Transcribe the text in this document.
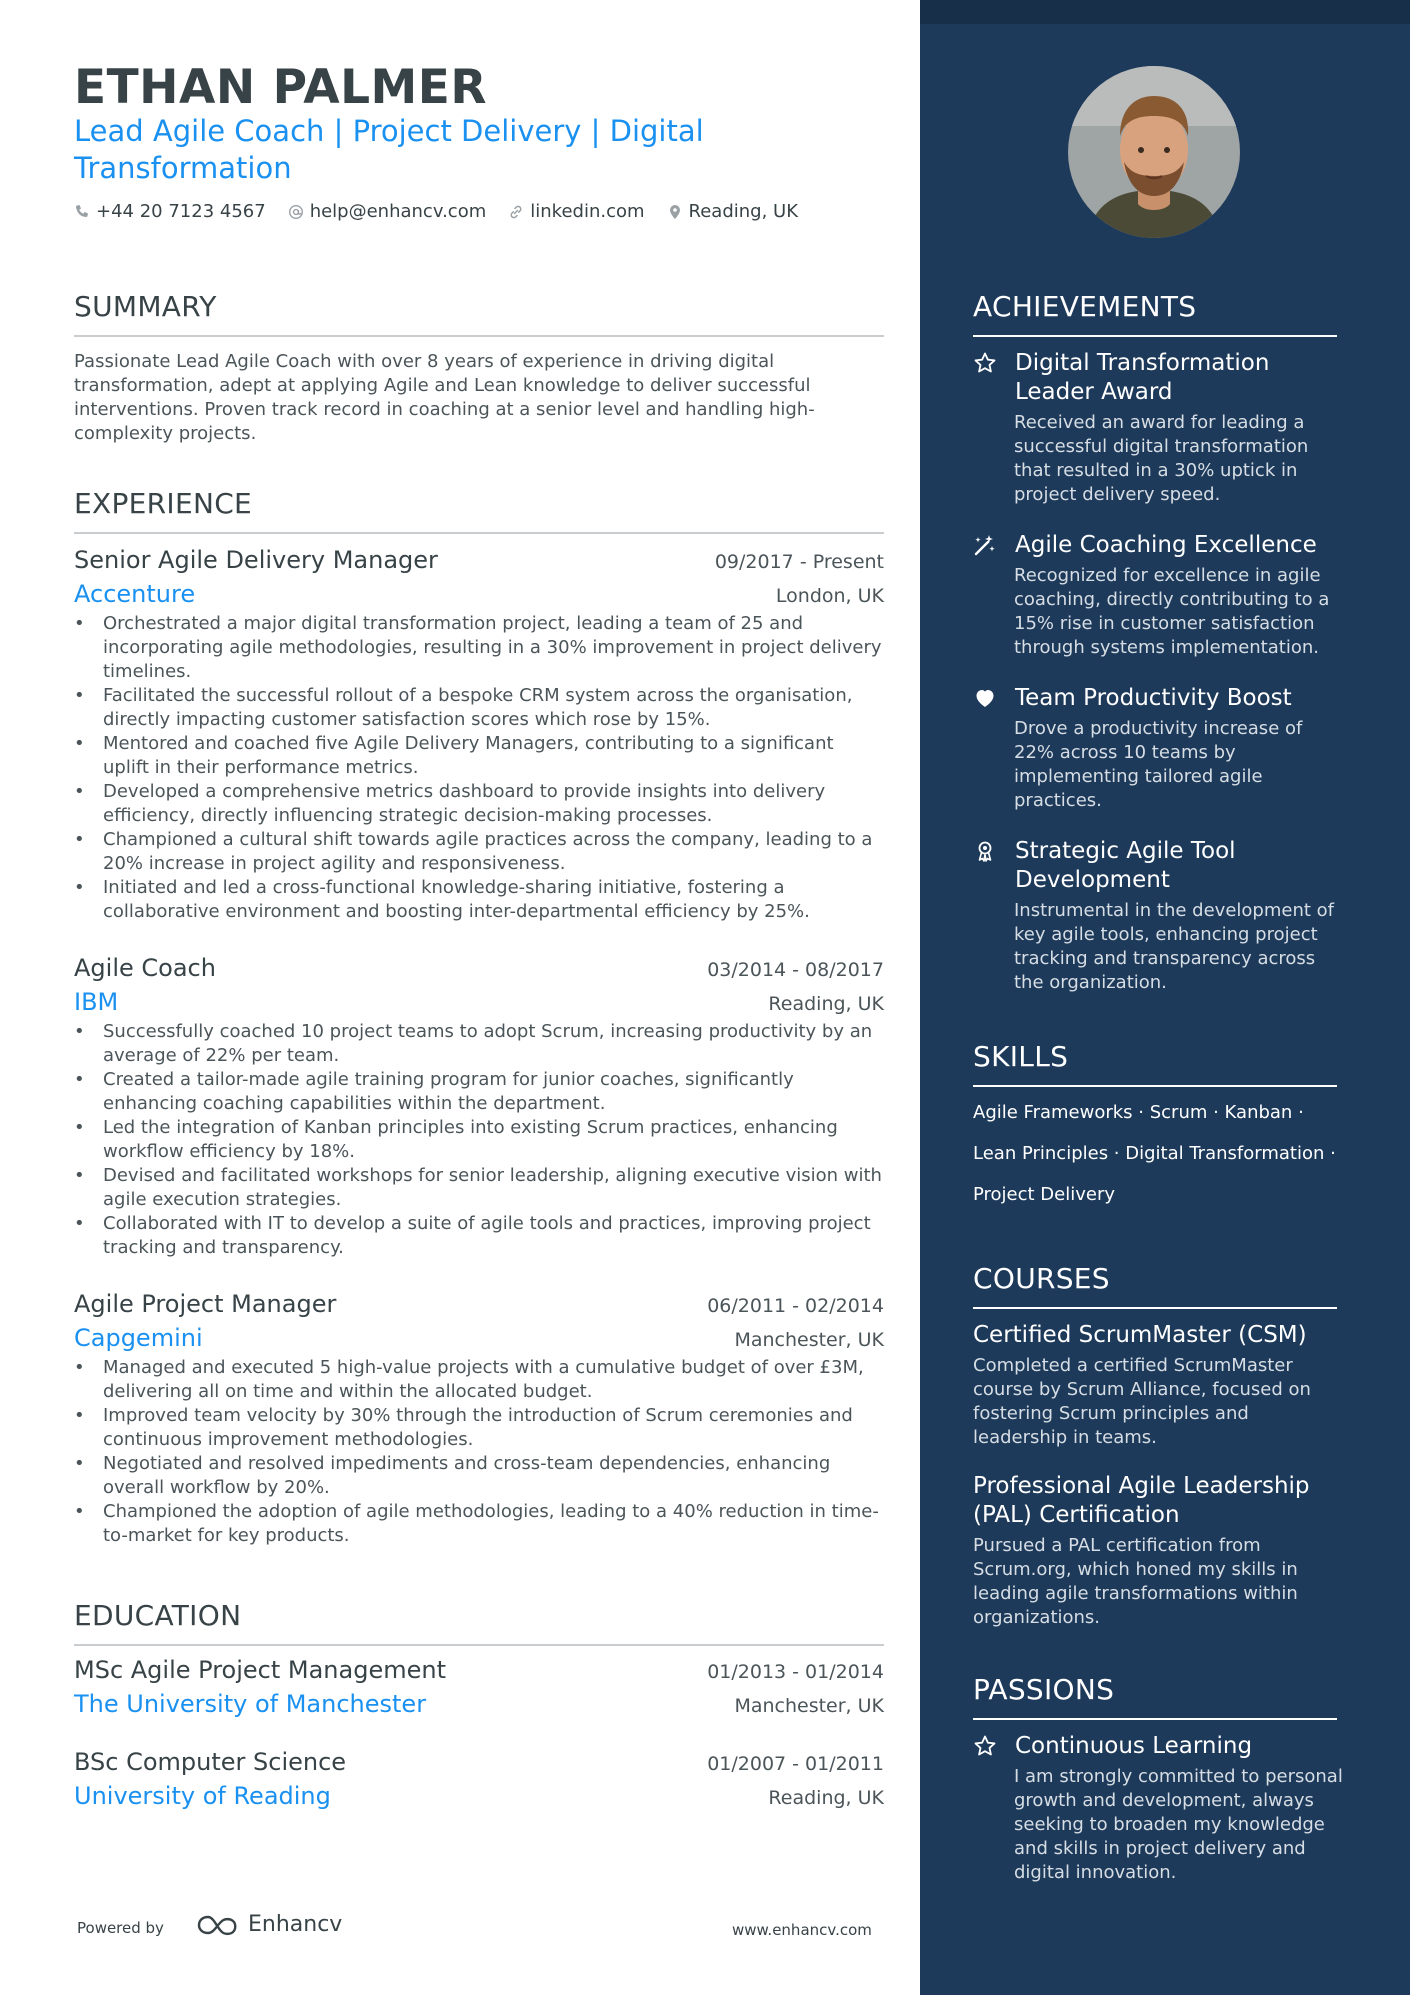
ETHAN PALMER
Lead Agile Coach | Project Delivery | Digital Transformation
+44 20 7123 4567 help@enhancv.com linkedin.com Reading, UK
SUMMARY
Passionate Lead Agile Coach with over 8 years of experience in driving digital transformation, adept at applying Agile and Lean knowledge to deliver successful interventions. Proven track record in coaching at a senior level and handling high-complexity projects.
EXPERIENCE
Senior Agile Delivery Manager	09/2017 - Present
Accenture	London, UK
• Orchestrated a major digital transformation project, leading a team of 25 and incorporating agile methodologies, resulting in a 30% improvement in project delivery timelines.
• Facilitated the successful rollout of a bespoke CRM system across the organisation, directly impacting customer satisfaction scores which rose by 15%.
• Mentored and coached five Agile Delivery Managers, contributing to a significant uplift in their performance metrics.
• Developed a comprehensive metrics dashboard to provide insights into delivery efficiency, directly influencing strategic decision-making processes.
• Championed a cultural shift towards agile practices across the company, leading to a 20% increase in project agility and responsiveness.
• Initiated and led a cross-functional knowledge-sharing initiative, fostering a collaborative environment and boosting inter-departmental efficiency by 25%.
Agile Coach	03/2014 - 08/2017
IBM	Reading, UK
• Successfully coached 10 project teams to adopt Scrum, increasing productivity by an average of 22% per team.
• Created a tailor-made agile training program for junior coaches, significantly enhancing coaching capabilities within the department.
• Led the integration of Kanban principles into existing Scrum practices, enhancing workflow efficiency by 18%.
• Devised and facilitated workshops for senior leadership, aligning executive vision with agile execution strategies.
• Collaborated with IT to develop a suite of agile tools and practices, improving project tracking and transparency.
Agile Project Manager	06/2011 - 02/2014
Capgemini	Manchester, UK
• Managed and executed 5 high-value projects with a cumulative budget of over £3M, delivering all on time and within the allocated budget.
• Improved team velocity by 30% through the introduction of Scrum ceremonies and continuous improvement methodologies.
• Negotiated and resolved impediments and cross-team dependencies, enhancing overall workflow by 20%.
• Championed the adoption of agile methodologies, leading to a 40% reduction in time-to-market for key products.
EDUCATION
MSc Agile Project Management	01/2013 - 01/2014
The University of Manchester	Manchester, UK
BSc Computer Science	01/2007 - 01/2011
University of Reading	Reading, UK
Powered by	Enhancv	www.enhancv.com
ACHIEVEMENTS
Digital Transformation Leader Award
Received an award for leading a successful digital transformation that resulted in a 30% uptick in project delivery speed.
Agile Coaching Excellence
Recognized for excellence in agile coaching, directly contributing to a 15% rise in customer satisfaction through systems implementation.
Team Productivity Boost
Drove a productivity increase of 22% across 10 teams by implementing tailored agile practices.
Strategic Agile Tool Development
Instrumental in the development of key agile tools, enhancing project tracking and transparency across the organization.
SKILLS
Agile Frameworks · Scrum · Kanban ·
Lean Principles · Digital Transformation ·
Project Delivery
COURSES
Certified ScrumMaster (CSM)
Completed a certified ScrumMaster course by Scrum Alliance, focused on fostering Scrum principles and leadership in teams.
Professional Agile Leadership (PAL) Certification
Pursued a PAL certification from Scrum.org, which honed my skills in leading agile transformations within organizations.
PASSIONS
Continuous Learning
I am strongly committed to personal growth and development, always seeking to broaden my knowledge and skills in project delivery and digital innovation.
